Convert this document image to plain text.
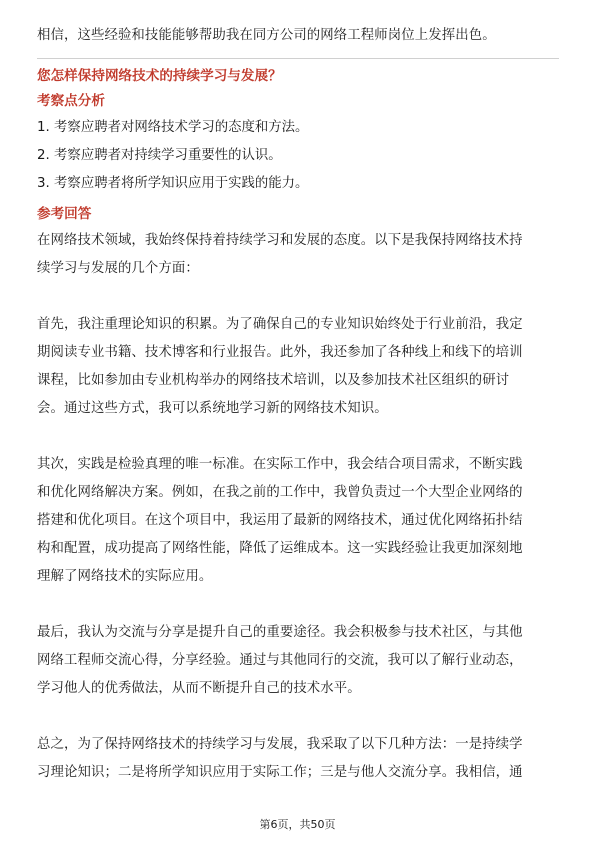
相信，这些经验和技能能够帮助我在同方公司的网络工程师岗位上发挥出色。

您怎样保持网络技术的持续学习与发展？

考察点分析

1. 考察应聘者对网络技术学习的态度和方法。
2. 考察应聘者对持续学习重要性的认识。
3. 考察应聘者将所学知识应用于实践的能力。

参考回答

在网络技术领域，我始终保持着持续学习和发展的态度。以下是我保持网络技术持

续学习与发展的几个方面：

首先，我注重理论知识的积累。为了确保自己的专业知识始终处于行业前沿，我定

期阅读专业书籍、技术博客和行业报告。此外，我还参加了各种线上和线下的培训

课程，比如参加由专业机构举办的网络技术培训，以及参加技术社区组织的研讨

会。通过这些方式，我可以系统地学习新的网络技术知识。

其次，实践是检验真理的唯一标准。在实际工作中，我会结合项目需求，不断实践

和优化网络解决方案。例如，在我之前的工作中，我曾负责过一个大型企业网络的

搭建和优化项目。在这个项目中，我运用了最新的网络技术，通过优化网络拓扑结

构和配置，成功提高了网络性能，降低了运维成本。这一实践经验让我更加深刻地

理解了网络技术的实际应用。

最后，我认为交流与分享是提升自己的重要途径。我会积极参与技术社区，与其他

网络工程师交流心得，分享经验。通过与其他同行的交流，我可以了解行业动态，

学习他人的优秀做法，从而不断提升自己的技术水平。

总之，为了保持网络技术的持续学习与发展，我采取了以下几种方法：一是持续学

习理论知识；二是将所学知识应用于实际工作；三是与他人交流分享。我相信，通

第6页，共50页
